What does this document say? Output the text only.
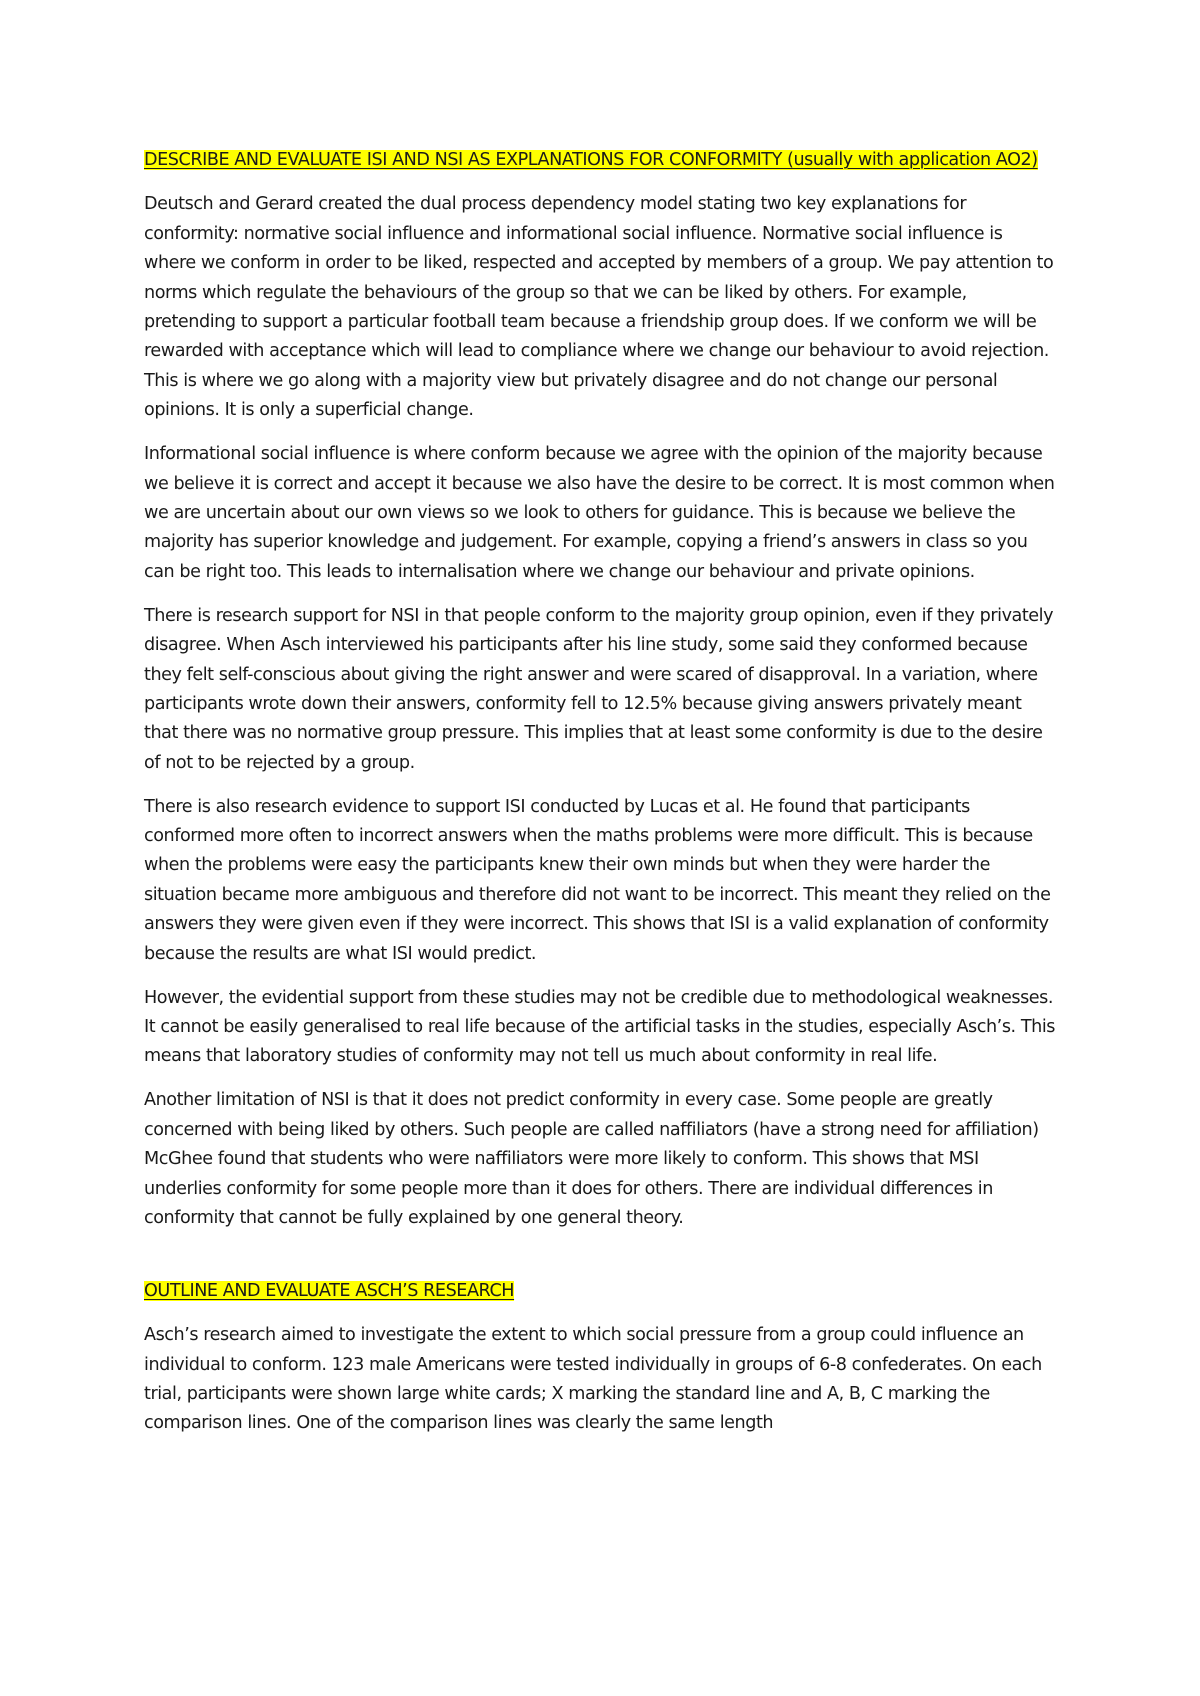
DESCRIBE AND EVALUATE ISI AND NSI AS EXPLANATIONS FOR CONFORMITY (usually with application AO2)

Deutsch and Gerard created the dual process dependency model stating two key explanations for conformity: normative social influence and informational social influence. Normative social influence is where we conform in order to be liked, respected and accepted by members of a group. We pay attention to norms which regulate the behaviours of the group so that we can be liked by others. For example, pretending to support a particular football team because a friendship group does. If we conform we will be rewarded with acceptance which will lead to compliance where we change our behaviour to avoid rejection. This is where we go along with a majority view but privately disagree and do not change our personal opinions. It is only a superficial change.

Informational social influence is where conform because we agree with the opinion of the majority because we believe it is correct and accept it because we also have the desire to be correct. It is most common when we are uncertain about our own views so we look to others for guidance. This is because we believe the majority has superior knowledge and judgement. For example, copying a friend’s answers in class so you can be right too. This leads to internalisation where we change our behaviour and private opinions.

There is research support for NSI in that people conform to the majority group opinion, even if they privately disagree. When Asch interviewed his participants after his line study, some said they conformed because they felt self-conscious about giving the right answer and were scared of disapproval. In a variation, where participants wrote down their answers, conformity fell to 12.5% because giving answers privately meant that there was no normative group pressure. This implies that at least some conformity is due to the desire of not to be rejected by a group.

There is also research evidence to support ISI conducted by Lucas et al. He found that participants conformed more often to incorrect answers when the maths problems were more difficult. This is because when the problems were easy the participants knew their own minds but when they were harder the situation became more ambiguous and therefore did not want to be incorrect. This meant they relied on the answers they were given even if they were incorrect. This shows that ISI is a valid explanation of conformity because the results are what ISI would predict.

However, the evidential support from these studies may not be credible due to methodological weaknesses. It cannot be easily generalised to real life because of the artificial tasks in the studies, especially Asch’s. This means that laboratory studies of conformity may not tell us much about conformity in real life.

Another limitation of NSI is that it does not predict conformity in every case. Some people are greatly concerned with being liked by others. Such people are called naffiliators (have a strong need for affiliation) McGhee found that students who were naffiliators were more likely to conform. This shows that MSI underlies conformity for some people more than it does for others. There are individual differences in conformity that cannot be fully explained by one general theory.

OUTLINE AND EVALUATE ASCH’S RESEARCH

Asch’s research aimed to investigate the extent to which social pressure from a group could influence an individual to conform. 123 male Americans were tested individually in groups of 6-8 confederates. On each trial, participants were shown large white cards; X marking the standard line and A, B, C marking the comparison lines. One of the comparison lines was clearly the same length
